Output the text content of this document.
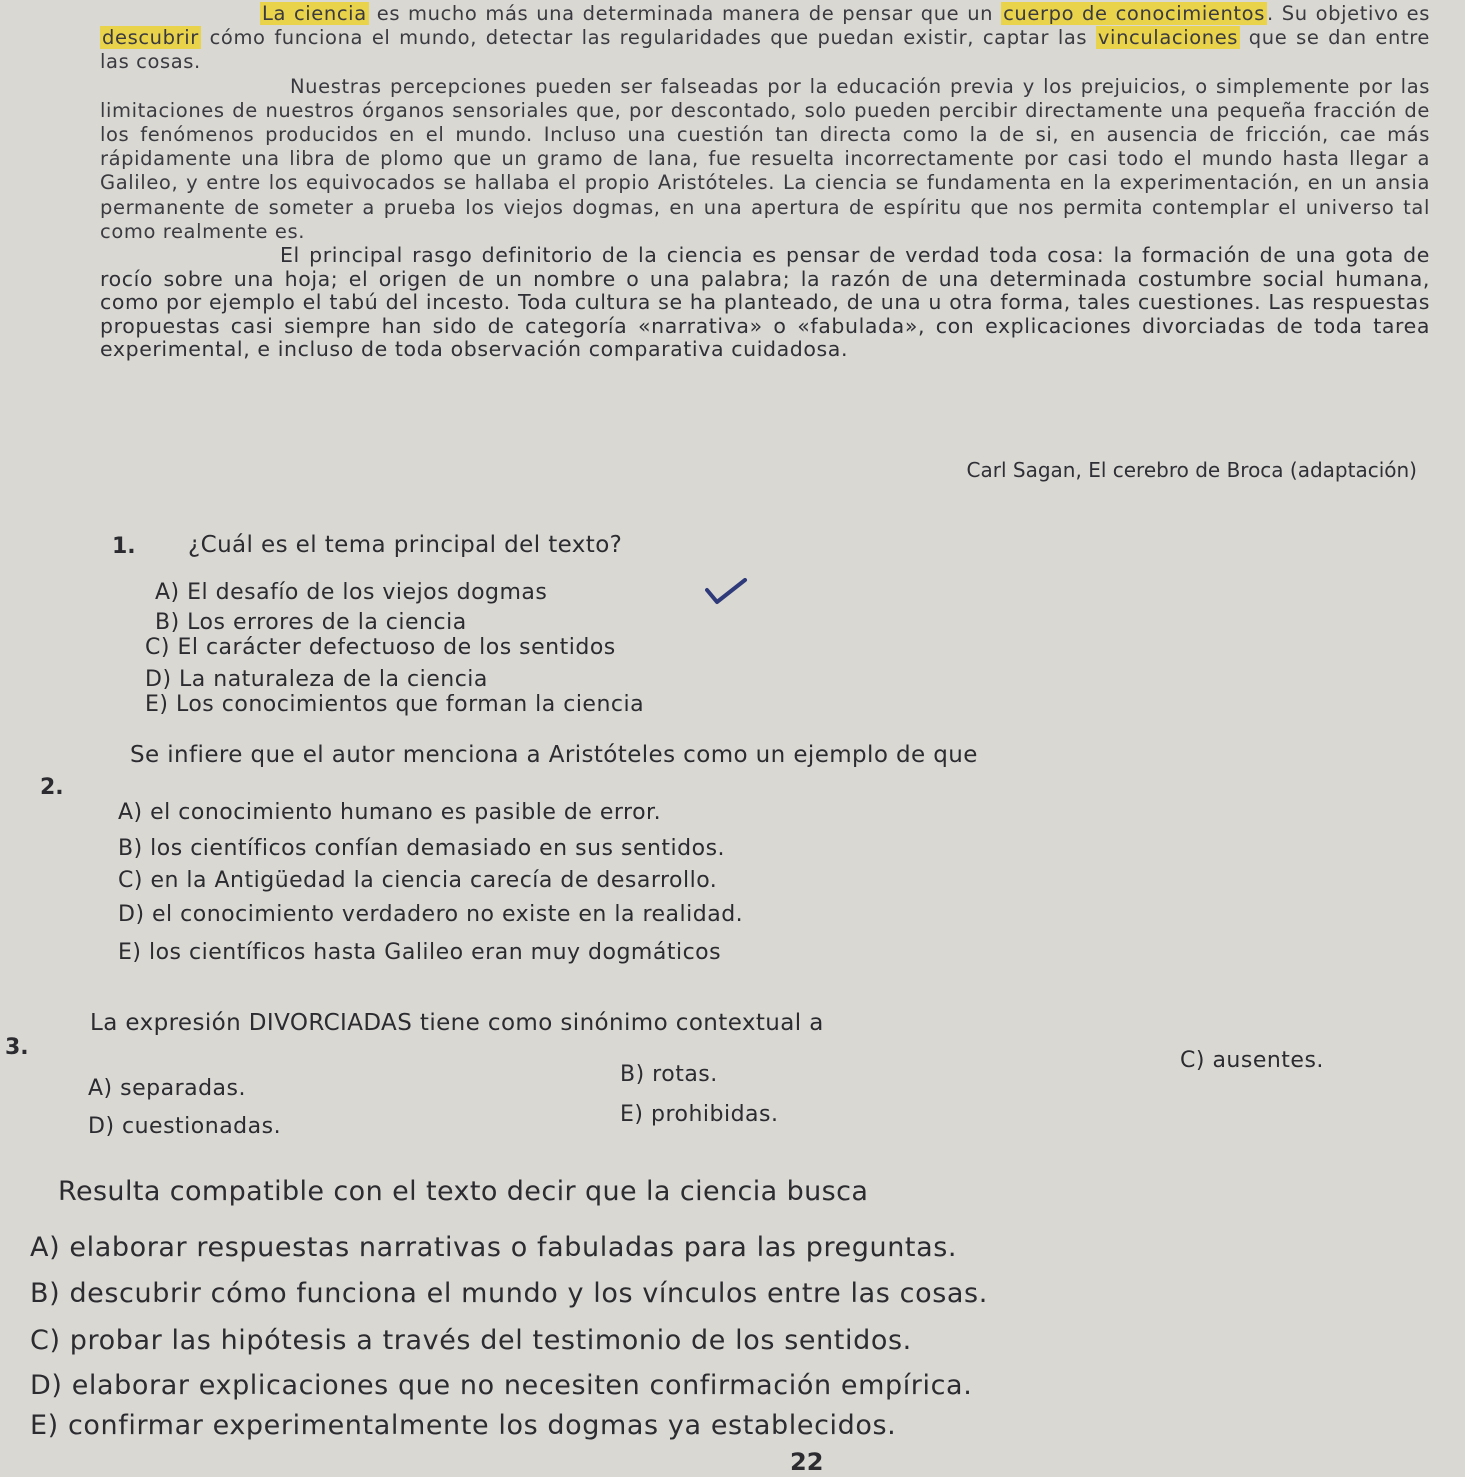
La ciencia es mucho más una determinada manera de pensar que un cuerpo de conocimientos . Su objetivo es descubrir cómo funciona el mundo, detectar las regularidades que puedan existir, captar las vinculaciones que se dan entre las cosas.

Nuestras percepciones pueden ser falseadas por la educación previa y los prejuicios, o simplemente por las limitaciones de nuestros órganos sensoriales que, por descontado, solo pueden percibir directamente una pequeña fracción de los fenómenos producidos en el mundo. Incluso una cuestión tan directa como la de si, en ausencia de fricción, cae más rápidamente una libra de plomo que un gramo de lana, fue resuelta incorrectamente por casi todo el mundo hasta llegar a Galileo, y entre los equivocados se hallaba el propio Aristóteles. La ciencia se fundamenta en la experimentación, en un ansia permanente de someter a prueba los viejos dogmas, en una apertura de espíritu que nos permita contemplar el universo tal como realmente es.

El principal rasgo definitorio de la ciencia es pensar de verdad toda cosa: la formación de una gota de rocío sobre una hoja; el origen de un nombre o una palabra; la razón de una determinada costumbre social humana, como por ejemplo el tabú del incesto. Toda cultura se ha planteado, de una u otra forma, tales cuestiones. Las respuestas propuestas casi siempre han sido de categoría «narrativa» o «fabulada», con explicaciones divorciadas de toda tarea experimental, e incluso de toda observación comparativa cuidadosa.

Carl Sagan, El cerebro de Broca (adaptación)
1. ¿Cuál es el tema principal del texto?
A) El desafío de los viejos dogmas
B) Los errores de la ciencia
C) El carácter defectuoso de los sentidos
D) La naturaleza de la ciencia
E) Los conocimientos que forman la ciencia
2.
Se infiere que el autor menciona a Aristóteles como un ejemplo de que
A) el conocimiento humano es pasible de error.
B) los científicos confían demasiado en sus sentidos.
C) en la Antigüedad la ciencia carecía de desarrollo.
D) el conocimiento verdadero no existe en la realidad.
E) los científicos hasta Galileo eran muy dogmáticos
3.
La expresión DIVORCIADAS tiene como sinónimo contextual a
A) separadas.
B) rotas.
C) ausentes.
D) cuestionadas.	E) prohibidas.
Resulta compatible con el texto decir que la ciencia busca
A) elaborar respuestas narrativas o fabuladas para las preguntas.
B) descubrir cómo funciona el mundo y los vínculos entre las cosas.
C) probar las hipótesis a través del testimonio de los sentidos.
D) elaborar explicaciones que no necesiten confirmación empírica.
E) confirmar experimentalmente los dogmas ya establecidos.
22
